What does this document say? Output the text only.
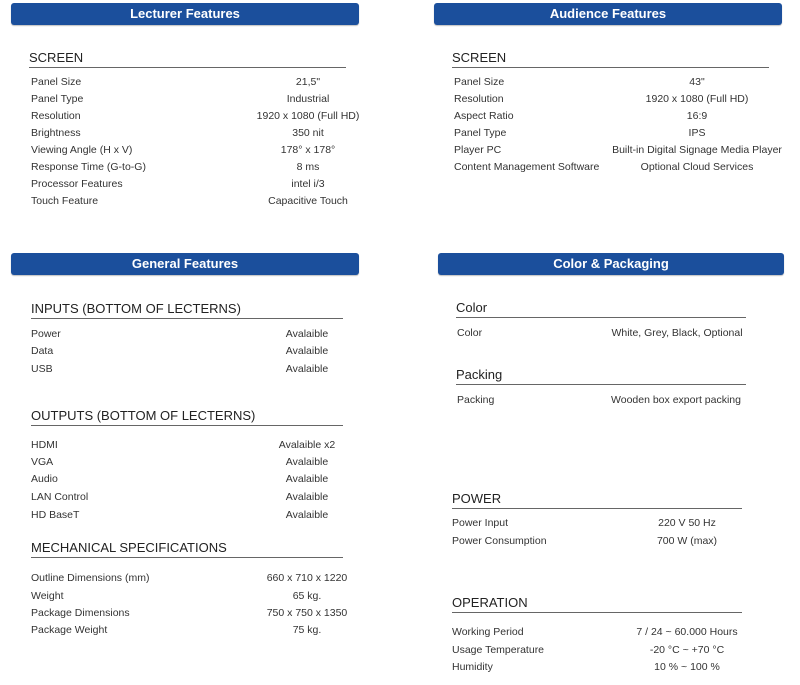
Lecturer Features	Audience Features
General Features	Color & Packaging
SCREEN	SCREEN
INPUTS (BOTTOM OF LECTERNS)
OUTPUTS (BOTTOM OF LECTERNS)
MECHANICAL SPECIFICATIONS
Color
Packing
POWER
OPERATION
Panel Size	21,5"
Panel Type	Industrial
Resolution	1920 x 1080 (Full HD)
Brightness	350 nit
Viewing Angle (H x V)	178° x 178°
Response Time (G-to-G)	8 ms
Processor Features	intel i/3
Touch Feature	Capacitive Touch
Panel Size	43"
Resolution	1920 x 1080 (Full HD)
Aspect Ratio	16:9
Panel Type	IPS
Player PC	Built-in Digital Signage Media Player
Content Management Software	Optional Cloud Services
Power	Avalaible
Data	Avalaible
USB	Avalaible
HDMI	Avalaible x2
VGA	Avalaible
Audio	Avalaible
LAN Control	Avalaible
HD BaseT	Avalaible
Outline Dimensions (mm)	660 x 710 x 1220
Weight	65 kg.
Package Dimensions	750 x 750 x 1350
Package Weight	75 kg.
Color	White, Grey, Black, Optional
Packing	Wooden box export packing
Power Input	220 V 50 Hz
Power Consumption	700 W (max)
Working Period	7 / 24 ~ 60.000 Hours
Usage Temperature	-20 °C ~ +70 °C
Humidity	10 % ~ 100 %
